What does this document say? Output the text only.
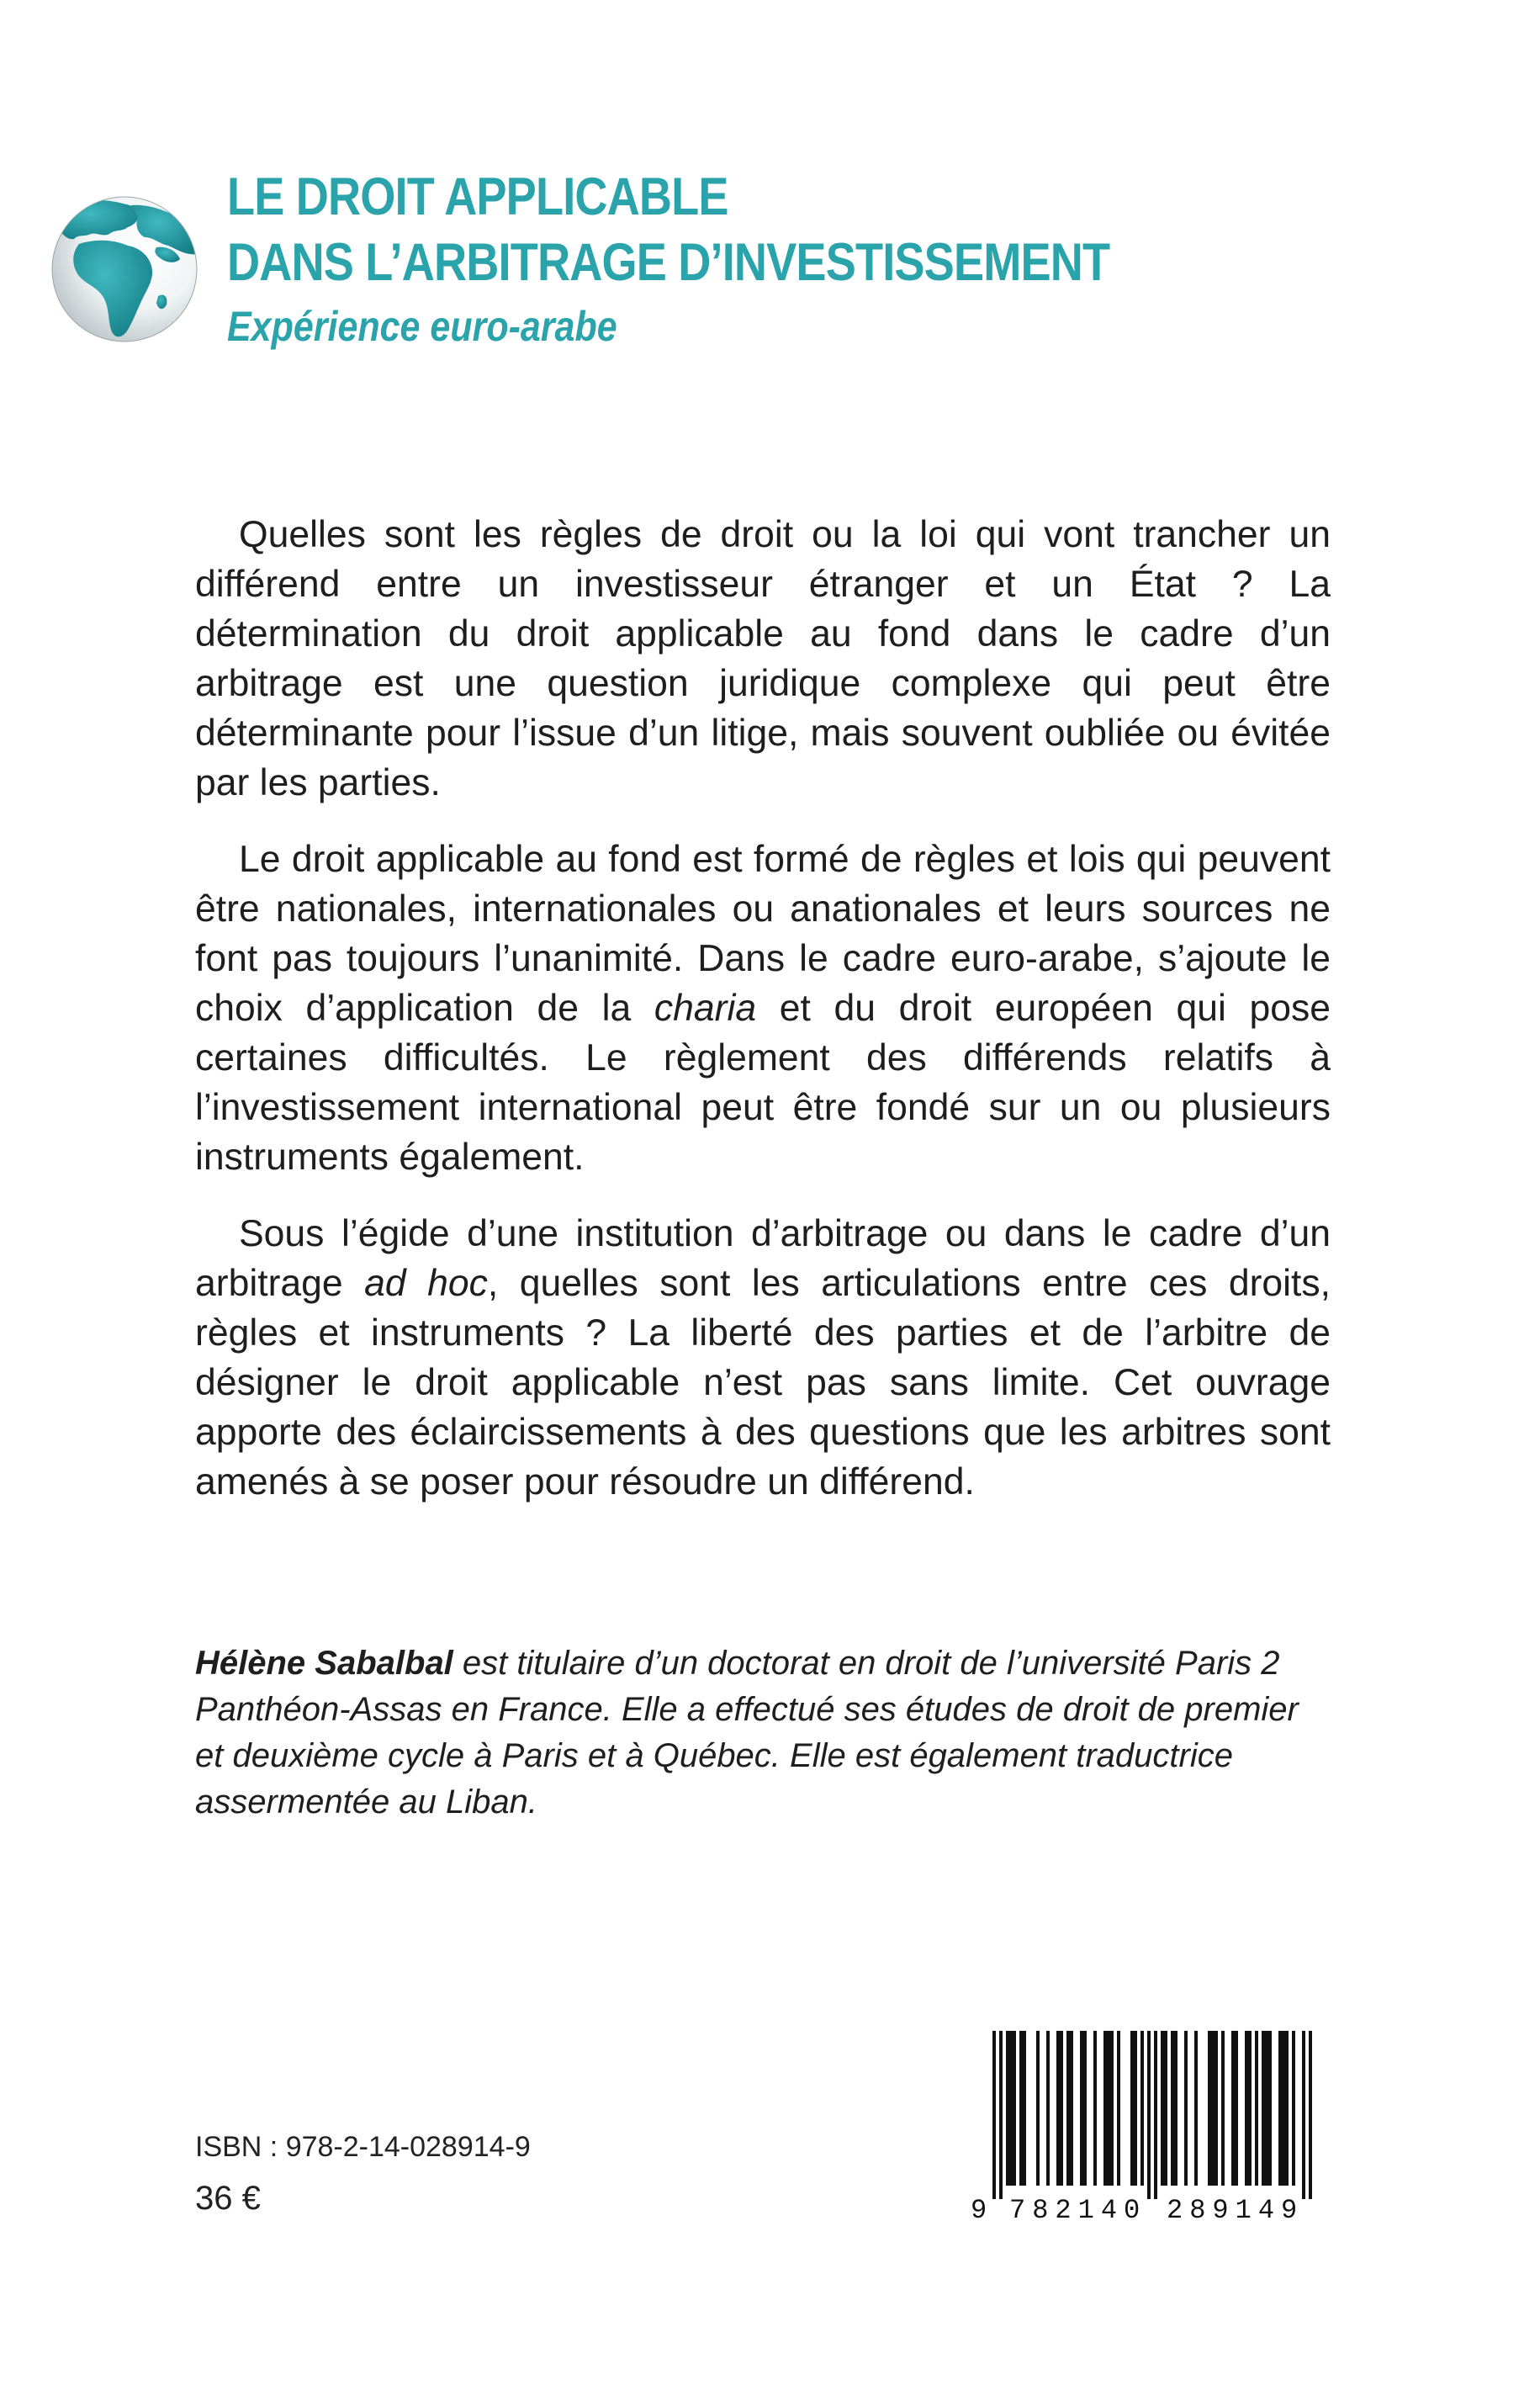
LE DROIT APPLICABLE
DANS L’ARBITRAGE D’INVESTISSEMENT
Expérience euro-arabe

Quelles sont les règles de droit ou la loi qui vont trancher un différend entre un investisseur étranger et un État ? La détermination du droit applicable au fond dans le cadre d’un arbitrage est une question juridique complexe qui peut être déterminante pour l’issue d’un litige, mais souvent oubliée ou évitée par les parties.

Le droit applicable au fond est formé de règles et lois qui peuvent être nationales, internationales ou anationales et leurs sources ne font pas toujours l’unanimité. Dans le cadre euro-arabe, s’ajoute le choix d’application de la charia et du droit européen qui pose certaines difficultés. Le règlement des différends relatifs à l’investissement international peut être fondé sur un ou plusieurs instruments également.

Sous l’égide d’une institution d’arbitrage ou dans le cadre d’un arbitrage ad hoc, quelles sont les articulations entre ces droits, règles et instruments ? La liberté des parties et de l’arbitre de désigner le droit applicable n’est pas sans limite. Cet ouvrage apporte des éclaircissements à des questions que les arbitres sont amenés à se poser pour résoudre un différend.

Hélène Sabalbal est titulaire d’un doctorat en droit de l’université Paris 2 Panthéon-Assas en France. Elle a effectué ses études de droit de premier et deuxième cycle à Paris et à Québec. Elle est également traductrice assermentée au Liban.

ISBN : 978-2-14-028914-9
36 €	9 782140 289149
